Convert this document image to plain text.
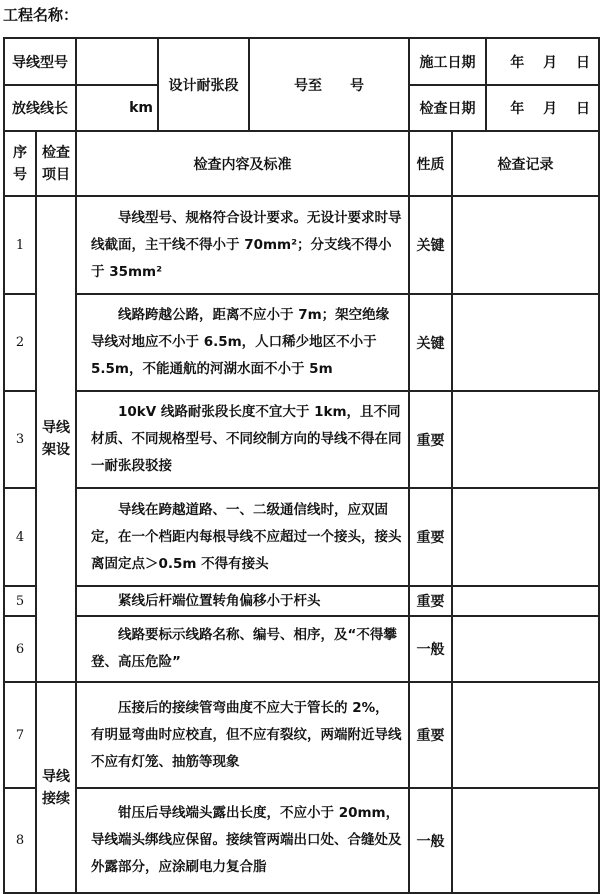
工程名称：
导线型号			设计耐张段	号至　　号	施工日期		年 月 日
放线线长		km			检查日期		年 月 日
序号	检查项目	检查内容及标准			性质	检查记录	
1	导线架设	导线型号、规格符合设计要求。无设计要求时导线截面，主干线不得小于 70mm²；分支线不得小于 35mm²			关键		
2		线路跨越公路，距离不应小于 7m；架空绝缘导线对地应不小于 6.5m，人口稀少地区不小于 5.5m，不能通航的河湖水面不小于 5m			关键		
3		10kV 线路耐张段长度不宜大于 1km，且不同材质、不同规格型号、不同绞制方向的导线不得在同一耐张段驳接			重要		
4		导线在跨越道路、一、二级通信线时，应双固定，在一个档距内每根导线不应超过一个接头，接头离固定点＞0.5m 不得有接头			重要		
5		紧线后杆端位置转角偏移小于杆头			重要		
6		线路要标示线路名称、编号、相序，及“不得攀登、高压危险”			一般		
7	导线接续	压接后的接续管弯曲度不应大于管长的 2%，有明显弯曲时应校直，但不应有裂纹，两端附近导线不应有灯笼、抽筋等现象			重要		
8		钳压后导线端头露出长度，不应小于 20mm，导线端头绑线应保留。接续管两端出口处、合缝处及外露部分，应涂刷电力复合脂			一般		
